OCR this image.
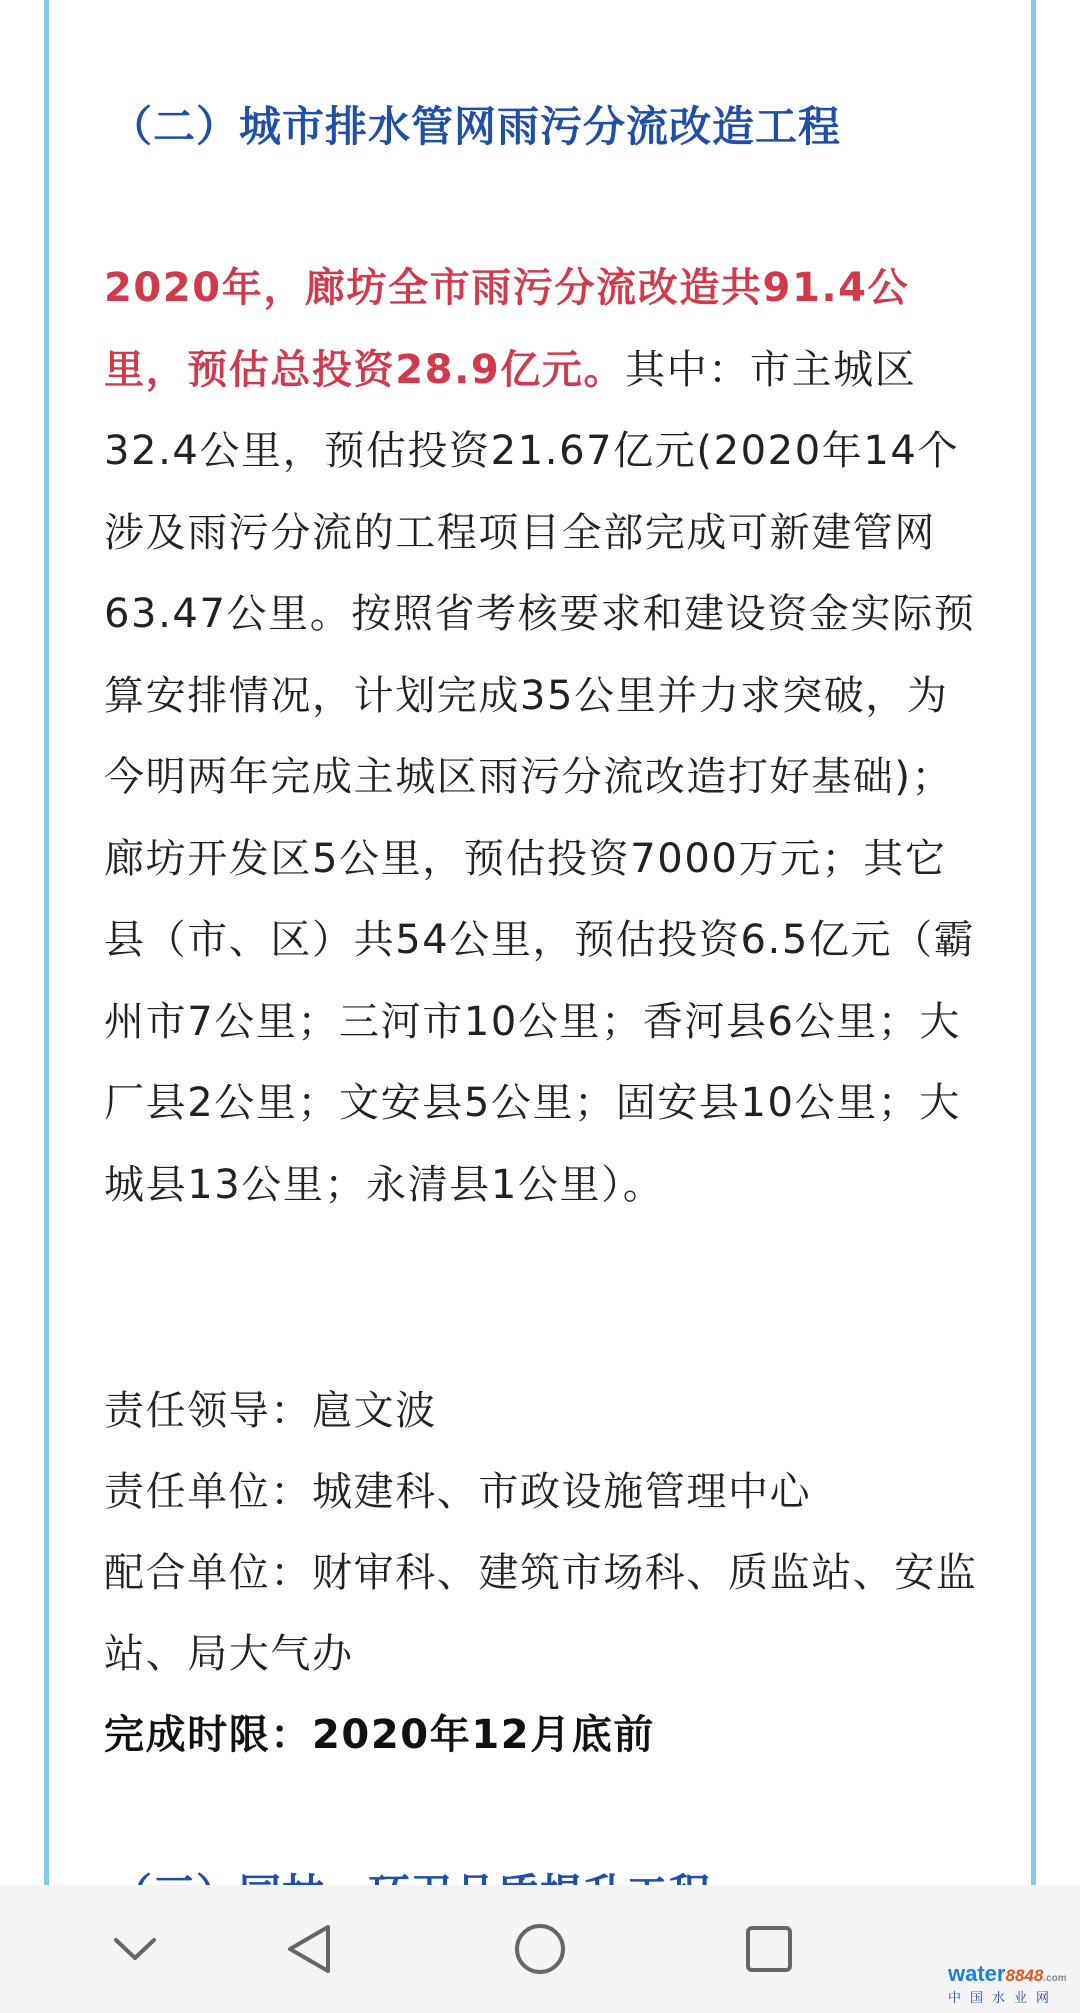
（二）城市排水管网雨污分流改造工程

2020年，廊坊全市雨污分流改造共91.4公里，预估总投资28.9亿元。其中：市主城区32.4公里，预估投资21.67亿元(2020年14个涉及雨污分流的工程项目全部完成可新建管网63.47公里。按照省考核要求和建设资金实际预算安排情况，计划完成35公里并力求突破，为今明两年完成主城区雨污分流改造打好基础)；廊坊开发区5公里，预估投资7000万元；其它县（市、区）共54公里，预估投资6.5亿元（霸州市7公里；三河市10公里；香河县6公里；大厂县2公里；文安县5公里；固安县10公里；大城县13公里；永清县1公里）。

责任领导：扈文波

责任单位：城建科、市政设施管理中心

配合单位：财审科、建筑市场科、质监站、安监站、局大气办

完成时限：2020年12月底前
water8848.com
中国水业网
